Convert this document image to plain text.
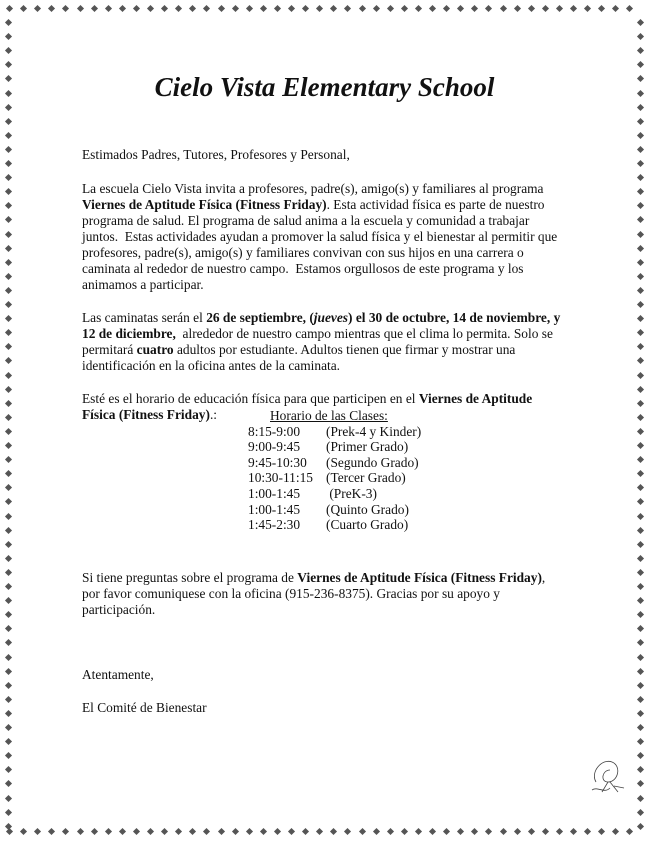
Cielo Vista Elementary School
Estimados Padres, Tutores, Profesores y Personal,
La escuela Cielo Vista invita a profesores, padre(s), amigo(s) y familiares al programa
Viernes de Aptitude Física (Fitness Friday). Esta actividad física es parte de nuestro
programa de salud. El programa de salud anima a la escuela y comunidad a trabajar
juntos.  Estas actividades ayudan a promover la salud física y el bienestar al permitir que
profesores, padre(s), amigo(s) y familiares convivan con sus hijos en una carrera o
caminata al rededor de nuestro campo.  Estamos orgullosos de este programa y los
animamos a participar.
Las caminatas serán el 26 de septiembre, (jueves) el 30 de octubre, 14 de noviembre, y
12 de diciembre,  alrededor de nuestro campo mientras que el clima lo permita. Solo se
permitará cuatro adultos por estudiante. Adultos tienen que firmar y mostrar una
identificación en la oficina antes de la caminata.
Esté es el horario de educación física para que participen en el Viernes de Aptitude
Física (Fitness Friday).:
Si tiene preguntas sobre el programa de Viernes de Aptitude Física (Fitness Friday),
por favor comuniquese con la oficina (915-236-8375). Gracias por su apoyo y
participación.
Atentamente,
El Comité de Bienestar
Horario de las Clases:
8:15-9:00	(Prek-4 y Kinder)
9:00-9:45	(Primer Grado)
9:45-10:30	(Segundo Grado)
10:30-11:15 (Tercer Grado)
1:00-1:45	(PreK-3)
1:00-1:45	(Quinto Grado)
1:45-2:30	(Cuarto Grado)
